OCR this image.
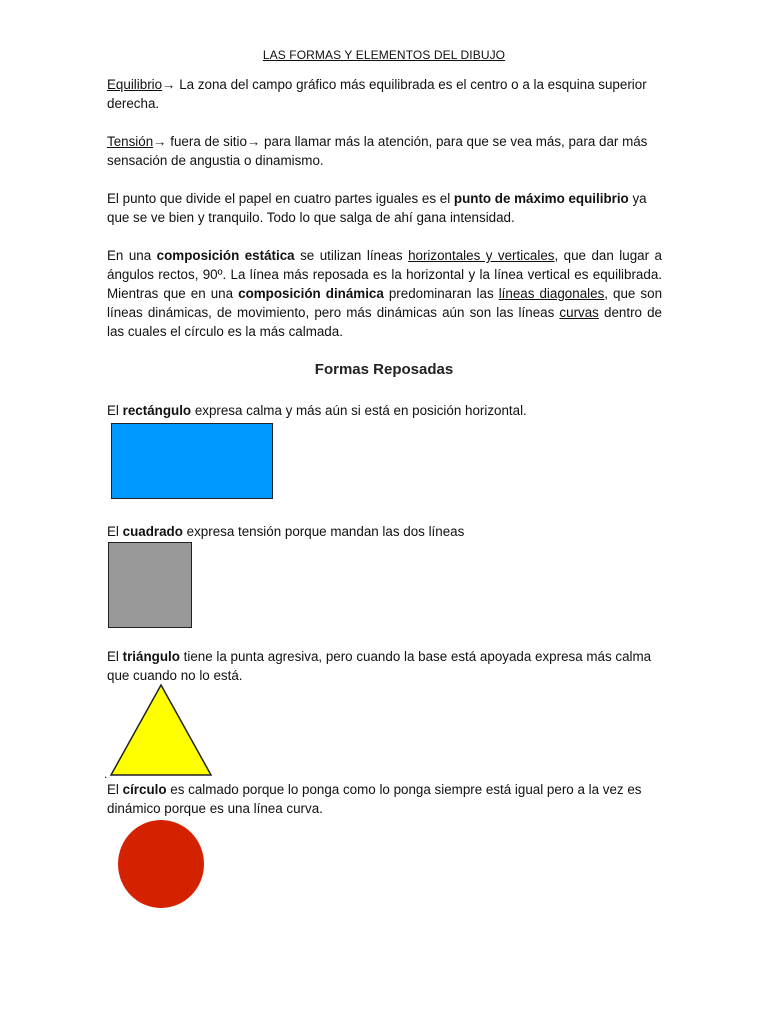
LAS FORMAS Y ELEMENTOS DEL DIBUJO

Equilibrio→ La zona del campo gráfico más equilibrada es el centro o a la esquina superior derecha.

Tensión→ fuera de sitio→ para llamar más la atención, para que se vea más, para dar más sensación de angustia o dinamismo.

El punto que divide el papel en cuatro partes iguales es el punto de máximo equilibrio ya que se ve bien y tranquilo. Todo lo que salga de ahí gana intensidad.

En una composición estática se utilizan líneas horizontales y verticales, que dan lugar a ángulos rectos, 90º. La línea más reposada es la horizontal y la línea vertical es equilibrada. Mientras que en una composición dinámica predominaran las líneas diagonales, que son líneas dinámicas, de movimiento, pero más dinámicas aún son las líneas curvas dentro de las cuales el círculo es la más calmada.

Formas Reposadas

El rectángulo expresa calma y más aún si está en posición horizontal.

El cuadrado expresa tensión porque mandan las dos líneas

El triángulo tiene la punta agresiva, pero cuando la base está apoyada expresa más calma que cuando no lo está.

.

El círculo es calmado porque lo ponga como lo ponga siempre está igual pero a la vez es dinámico porque es una línea curva.
